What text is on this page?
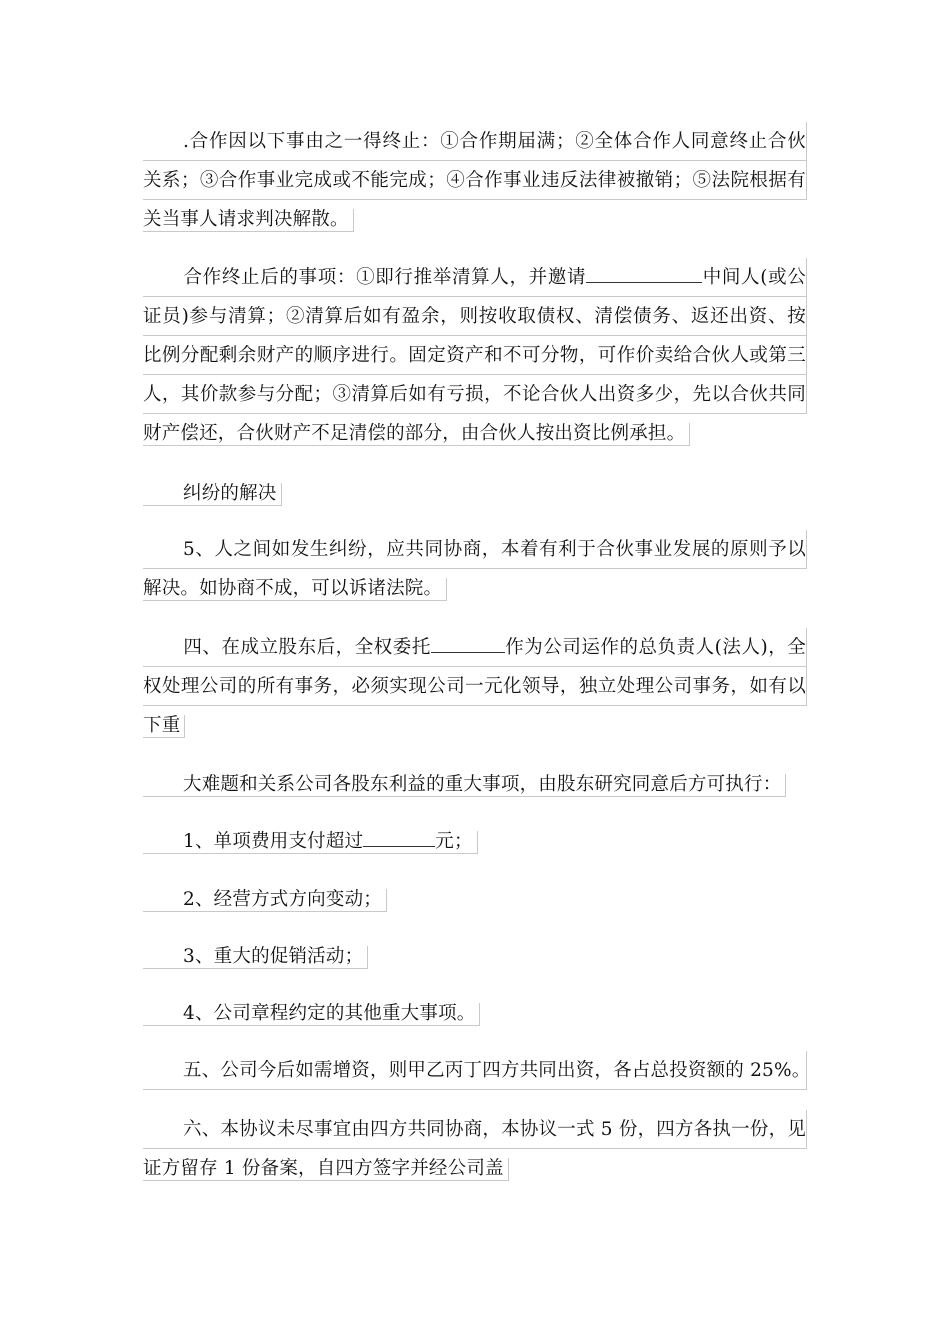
.合作因以下事由之一得终止：①合作期届满；②全体合作人同意终止合伙
关系；③合作事业完成或不能完成；④合作事业违反法律被撤销；⑤法院根据有
关当事人请求判决解散。
合作终止后的事项：①即行推举清算人，并邀请	中间人(或公
证员)参与清算；②清算后如有盈余，则按收取债权、清偿债务、返还出资、按
比例分配剩余财产的顺序进行。固定资产和不可分物，可作价卖给合伙人或第三
人，其价款参与分配；③清算后如有亏损，不论合伙人出资多少，先以合伙共同
财产偿还，合伙财产不足清偿的部分，由合伙人按出资比例承担。
纠纷的解决
5、人之间如发生纠纷，应共同协商，本着有利于合伙事业发展的原则予以
解决。如协商不成，可以诉诸法院。
四、在成立股东后，全权委托	作为公司运作的总负责人(法人)，全
权处理公司的所有事务，必须实现公司一元化领导，独立处理公司事务，如有以
下重
大难题和关系公司各股东利益的重大事项，由股东研究同意后方可执行：
1、单项费用支付超过	元；
2、经营方式方向变动；
3、重大的促销活动；
4、公司章程约定的其他重大事项。
五、公司今后如需增资，则甲乙丙丁四方共同出资，各占总投资额的 25%。
六、本协议未尽事宜由四方共同协商，本协议一式 5 份，四方各执一份，见
证方留存 1 份备案，自四方签字并经公司盖
